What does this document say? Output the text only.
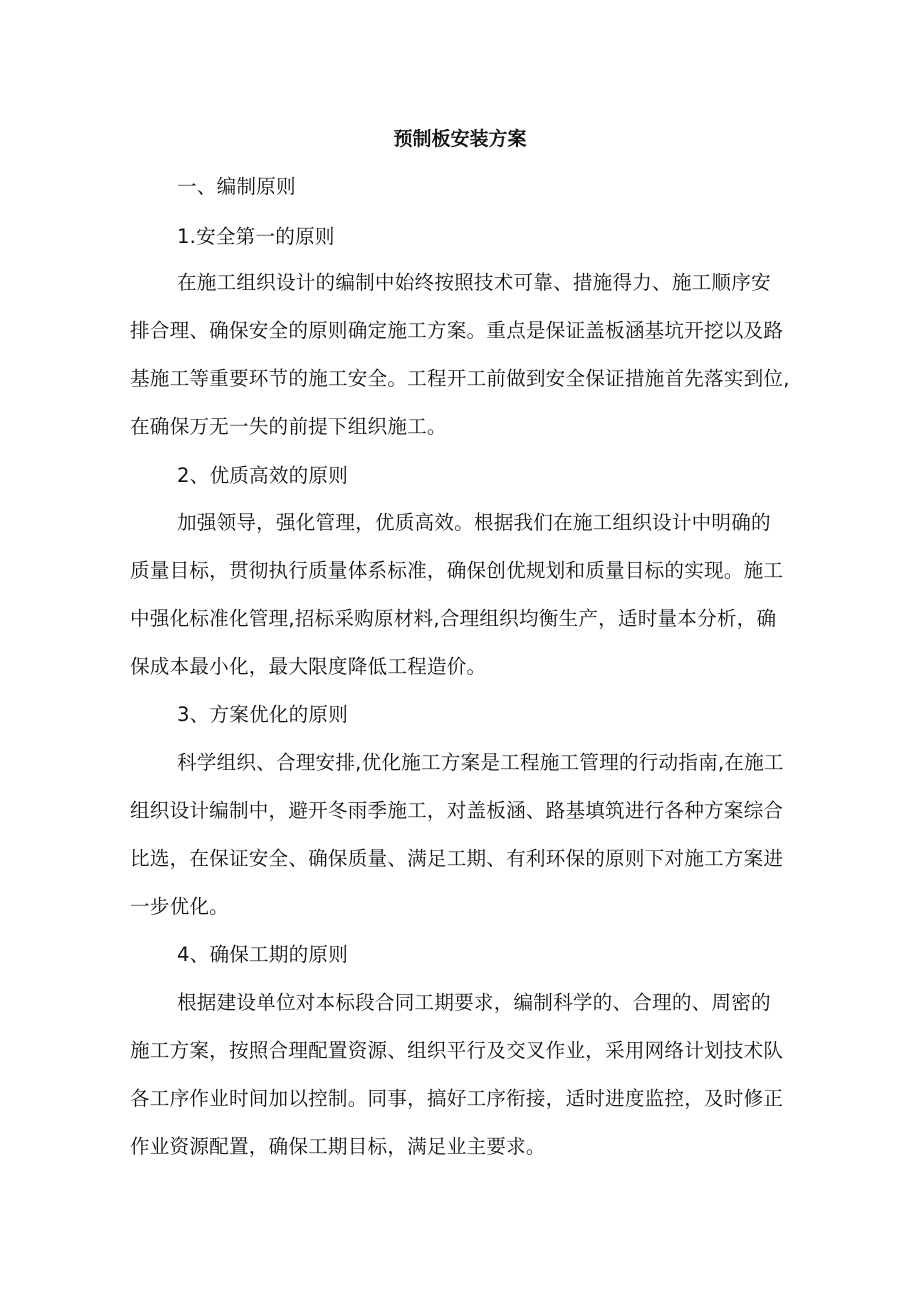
预制板安装方案
一、编制原则
1.安全第一的原则
在施工组织设计的编制中始终按照技术可靠、措施得力、施工顺序安
排合理、确保安全的原则确定施工方案。重点是保证盖板涵基坑开挖以及路
基施工等重要环节的施工安全。工程开工前做到安全保证措施首先落实到位,
在确保万无一失的前提下组织施工。
2、优质高效的原则
加强领导，强化管理，优质高效。根据我们在施工组织设计中明确的
质量目标，贯彻执行质量体系标准，确保创优规划和质量目标的实现。施工
中强化标准化管理,招标采购原材料,合理组织均衡生产，适时量本分析，确
保成本最小化，最大限度降低工程造价。
3、方案优化的原则
科学组织、合理安排,优化施工方案是工程施工管理的行动指南,在施工
组织设计编制中，避开冬雨季施工，对盖板涵、路基填筑进行各种方案综合
比选，在保证安全、确保质量、满足工期、有利环保的原则下对施工方案进
一步优化。
4、确保工期的原则
根据建设单位对本标段合同工期要求，编制科学的、合理的、周密的
施工方案，按照合理配置资源、组织平行及交叉作业，采用网络计划技术队
各工序作业时间加以控制。同事，搞好工序衔接，适时进度监控，及时修正
作业资源配置，确保工期目标，满足业主要求。
